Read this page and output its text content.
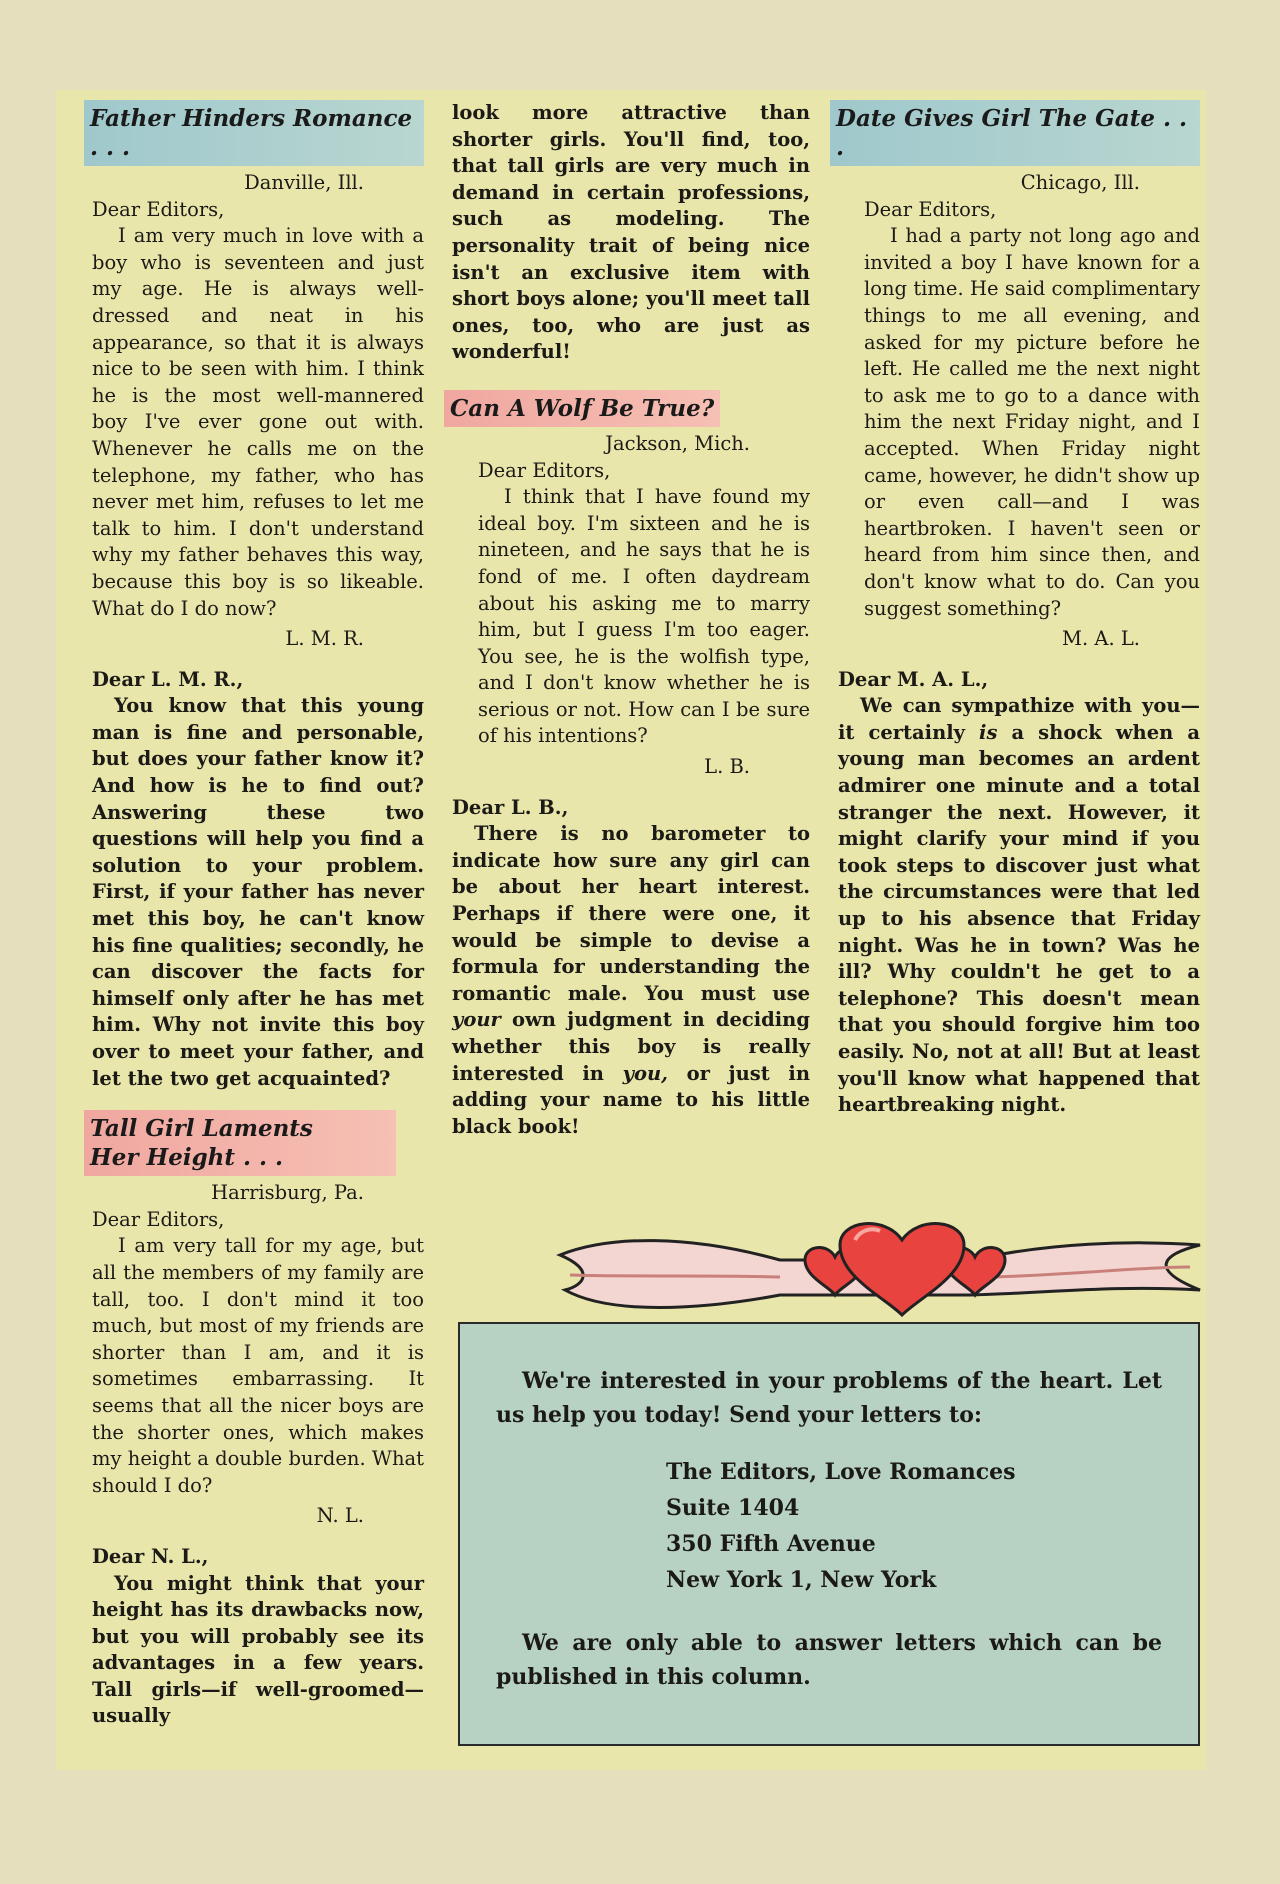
Father Hinders Romance . . .

Danville, Ill.

Dear Editors,

I am very much in love with a boy who is seventeen and just my age. He is always well-dressed and neat in his appearance, so that it is always nice to be seen with him. I think he is the most well-mannered boy I've ever gone out with. Whenever he calls me on the telephone, my father, who has never met him, refuses to let me talk to him. I don't understand why my father behaves this way, because this boy is so likeable. What do I do now?

L. M. R.

Dear L. M. R.,

You know that this young man is fine and personable, but does your father know it? And how is he to find out? Answering these two questions will help you find a solution to your problem. First, if your father has never met this boy, he can't know his fine qualities; secondly, he can discover the facts for himself only after he has met him. Why not invite this boy over to meet your father, and let the two get acquainted?

Tall Girl Laments
Her Height . . .

Harrisburg, Pa.

Dear Editors,

I am very tall for my age, but all the members of my family are tall, too. I don't mind it too much, but most of my friends are shorter than I am, and it is sometimes embarrassing. It seems that all the nicer boys are the shorter ones, which makes my height a double burden. What should I do?

N. L.

Dear N. L.,

You might think that your height has its drawbacks now, but you will probably see its advantages in a few years. Tall girls—if well-groomed—usually

look more attractive than shorter girls. You'll find, too, that tall girls are very much in demand in certain professions, such as modeling. The personality trait of being nice isn't an exclusive item with short boys alone; you'll meet tall ones, too, who are just as wonderful!

Can A Wolf Be True?

Jackson, Mich.

Dear Editors,

I think that I have found my ideal boy. I'm sixteen and he is nineteen, and he says that he is fond of me. I often daydream about his asking me to marry him, but I guess I'm too eager. You see, he is the wolfish type, and I don't know whether he is serious or not. How can I be sure of his intentions?

L. B.

Dear L. B.,

There is no barometer to indicate how sure any girl can be about her heart interest. Perhaps if there were one, it would be simple to devise a formula for understanding the romantic male. You must use your own judgment in deciding whether this boy is really interested in you, or just in adding your name to his little black book!

Date Gives Girl The Gate . . .

Chicago, Ill.

Dear Editors,

I had a party not long ago and invited a boy I have known for a long time. He said complimentary things to me all evening, and asked for my picture before he left. He called me the next night to ask me to go to a dance with him the next Friday night, and I accepted. When Friday night came, however, he didn't show up or even call—and I was heartbroken. I haven't seen or heard from him since then, and don't know what to do. Can you suggest something?

M. A. L.

Dear M. A. L.,

We can sympathize with you—it certainly is a shock when a young man becomes an ardent admirer one minute and a total stranger the next. However, it might clarify your mind if you took steps to discover just what the circumstances were that led up to his absence that Friday night. Was he in town? Was he ill? Why couldn't he get to a telephone? This doesn't mean that you should forgive him too easily. No, not at all! But at least you'll know what happened that heartbreaking night.

We're interested in your problems of the heart. Let us help you today! Send your letters to:

The Editors, Love Romances
Suite 1404
350 Fifth Avenue
New York 1, New York

We are only able to answer letters which can be published in this column.
